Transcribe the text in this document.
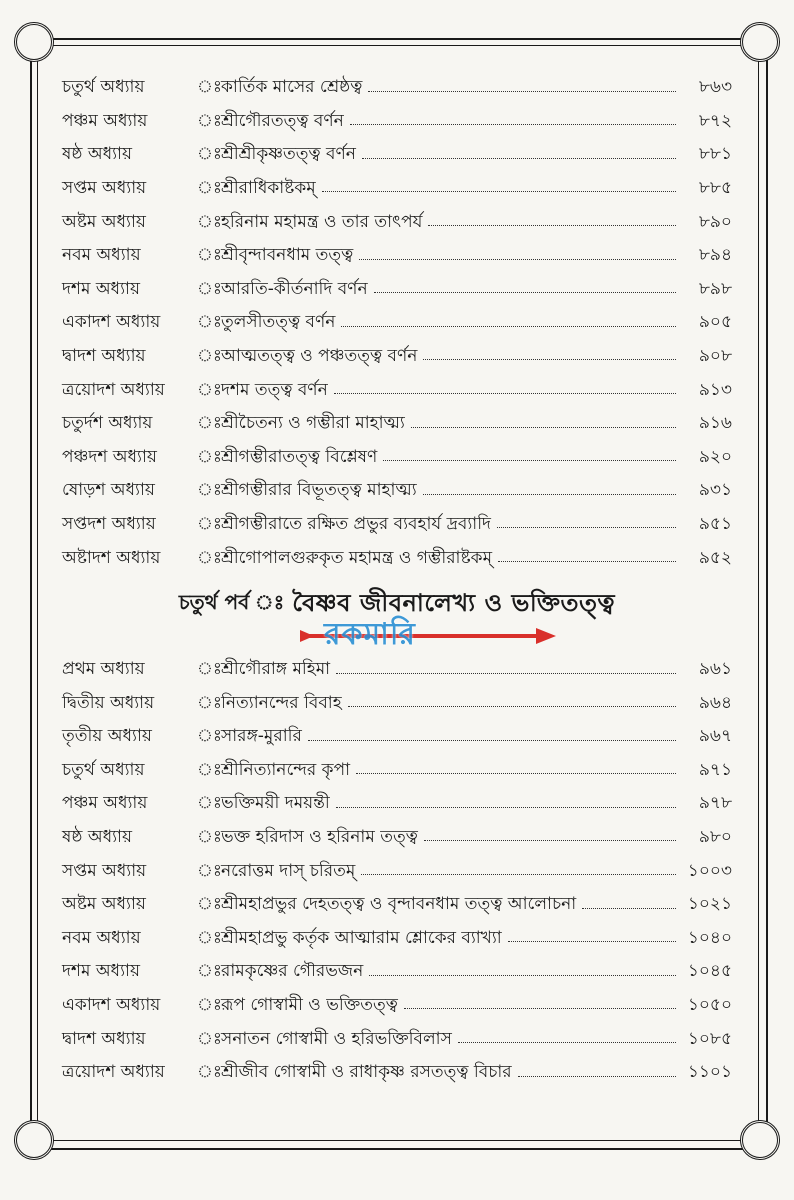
চতুর্থ অধ্যায়	ঃ কার্তিক মাসের শ্রেষ্ঠত্ব	৮৬৩
পঞ্চম অধ্যায়	ঃ শ্রীগৌরতত্ত্ব বর্ণন	৮৭২
ষষ্ঠ অধ্যায়	ঃ শ্রীশ্রীকৃষ্ণতত্ত্ব বর্ণন	৮৮১
সপ্তম অধ্যায়	ঃ শ্রীরাধিকাষ্টকম্	৮৮৫
অষ্টম অধ্যায়	ঃ হরিনাম মহামন্ত্র ও তার তাৎপর্য	৮৯০
নবম অধ্যায়	ঃ শ্রীবৃন্দাবনধাম তত্ত্ব	৮৯৪
দশম অধ্যায়	ঃ আরতি-কীর্তনাদি বর্ণন	৮৯৮
একাদশ অধ্যায়	ঃ তুলসীতত্ত্ব বর্ণন	৯০৫
দ্বাদশ অধ্যায়	ঃ আত্মতত্ত্ব ও পঞ্চতত্ত্ব বর্ণন	৯০৮
ত্রয়োদশ অধ্যায়	ঃ দশম তত্ত্ব বর্ণন	৯১৩
চতুর্দশ অধ্যায়	ঃ শ্রীচৈতন্য ও গম্ভীরা মাহাত্ম্য	৯১৬
পঞ্চদশ অধ্যায়	ঃ শ্রীগম্ভীরাতত্ত্ব বিশ্লেষণ	৯২০
ষোড়শ অধ্যায়	ঃ শ্রীগম্ভীরার বিভূতত্ত্ব মাহাত্ম্য	৯৩১
সপ্তদশ অধ্যায়	ঃ শ্রীগম্ভীরাতে রক্ষিত প্রভুর ব্যবহার্য দ্রব্যাদি	৯৫১
অষ্টাদশ অধ্যায়	ঃ শ্রীগোপালগুরুকৃত মহামন্ত্র ও গম্ভীরাষ্টকম্	৯৫২
চতুর্থ পর্ব ঃ বৈষ্ণব জীবনালেখ্য ও ভক্তিতত্ত্ব
প্রথম অধ্যায়	ঃ শ্রীগৌরাঙ্গ মহিমা	৯৬১
দ্বিতীয় অধ্যায়	ঃ নিত্যানন্দের বিবাহ	৯৬৪
তৃতীয় অধ্যায়	ঃ সারঙ্গ-মুরারি	৯৬৭
চতুর্থ অধ্যায়	ঃ শ্রীনিত্যানন্দের কৃপা	৯৭১
পঞ্চম অধ্যায়	ঃ ভক্তিময়ী দময়ন্তী	৯৭৮
ষষ্ঠ অধ্যায়	ঃ ভক্ত হরিদাস ও হরিনাম তত্ত্ব	৯৮০
সপ্তম অধ্যায়	ঃ নরোত্তম দাস্ চরিতম্	১০০৩
অষ্টম অধ্যায়	ঃ শ্রীমহাপ্রভুর দেহতত্ত্ব ও বৃন্দাবনধাম তত্ত্ব আলোচনা	১০২১
নবম অধ্যায়	ঃ শ্রীমহাপ্রভু কর্তৃক আত্মারাম শ্লোকের ব্যাখ্যা	১০৪০
দশম অধ্যায়	ঃ রামকৃষ্ণের গৌরভজন	১০৪৫
একাদশ অধ্যায়	ঃ রূপ গোস্বামী ও ভক্তিতত্ত্ব	১০৫০
দ্বাদশ অধ্যায়	ঃ সনাতন গোস্বামী ও হরিভক্তিবিলাস	১০৮৫
ত্রয়োদশ অধ্যায়	ঃ শ্রীজীব গোস্বামী ও রাধাকৃষ্ণ রসতত্ত্ব বিচার	১১০১
রকমারি
